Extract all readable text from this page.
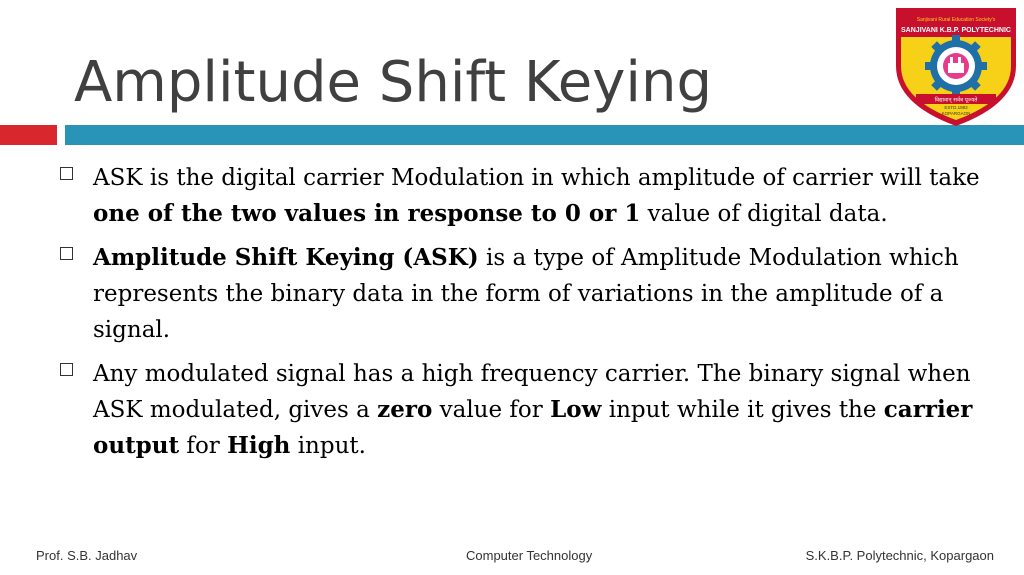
Amplitude Shift Keying
Sanjivani Rural Education Society's
SANJIVANI K.B.P. POLYTECHNIC
विद्यावान् सर्वत्र पूज्यते
ESTD.1983
KOPARGAON
ASK is the digital carrier Modulation in which amplitude of carrier will take one of the two values in response to 0 or 1 value of digital data.
Amplitude Shift Keying (ASK) is a type of Amplitude Modulation which represents the binary data in the form of variations in the amplitude of a signal.
Any modulated signal has a high frequency carrier. The binary signal when ASK modulated, gives a zero value for Low input while it gives the carrier output for High input.
Prof. S.B. Jadhav	Computer Technology	S.K.B.P. Polytechnic, Kopargaon
